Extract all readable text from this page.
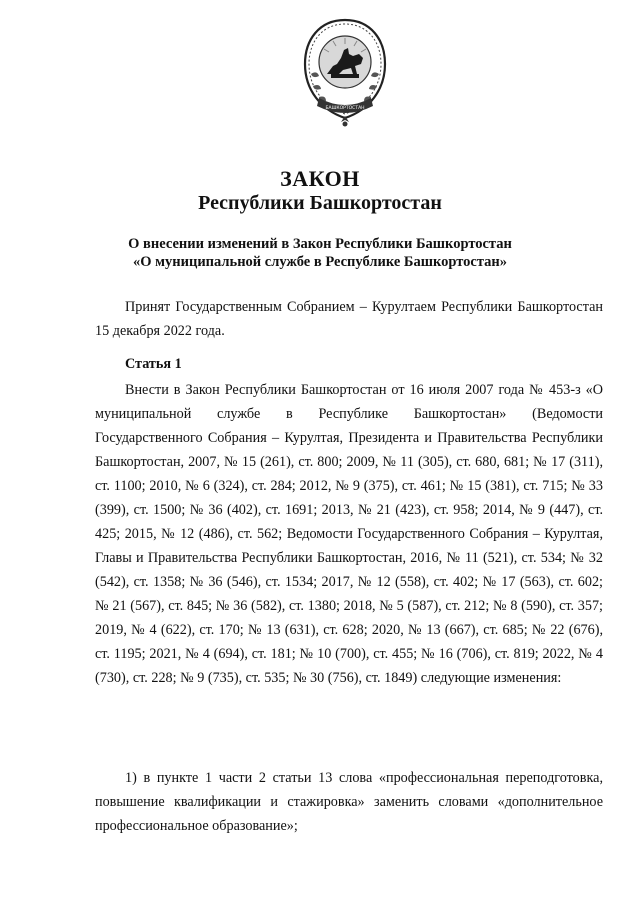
БАШКОРТОСТАН
ЗАКОН
Республики Башкортостан

О внесении изменений в Закон Республики Башкортостан

«О муниципальной службе в Республике Башкортостан»

Принят Государственным Собранием – Курултаем Республики Башкортостан 15 декабря 2022 года.

Статья 1

Внести в Закон Республики Башкортостан от 16 июля 2007 года № 453-з «О муниципальной службе в Республике Башкортостан» (Ведомости Государственного Собрания – Курултая, Президента и Правительства Республики Башкортостан, 2007, № 15 (261), ст. 800; 2009, № 11 (305), ст. 680, 681; № 17 (311), ст. 1100; 2010, № 6 (324), ст. 284; 2012, № 9 (375), ст. 461; № 15 (381), ст. 715; № 33 (399), ст. 1500; № 36 (402), ст. 1691; 2013, № 21 (423), ст. 958; 2014, № 9 (447), ст. 425; 2015, № 12 (486), ст. 562; Ведомости Государственного Собрания – Курултая, Главы и Правительства Республики Башкортостан, 2016, № 11 (521), ст. 534; № 32 (542), ст. 1358; № 36 (546), ст. 1534; 2017, № 12 (558), ст. 402; № 17 (563), ст. 602; № 21 (567), ст. 845; № 36 (582), ст. 1380; 2018, № 5 (587), ст. 212; № 8 (590), ст. 357; 2019, № 4 (622), ст. 170; № 13 (631), ст. 628; 2020, № 13 (667), ст. 685; № 22 (676), ст. 1195; 2021, № 4 (694), ст. 181; № 10 (700), ст. 455; № 16 (706), ст. 819; 2022, № 4 (730), ст. 228; № 9 (735), ст. 535; № 30 (756), ст. 1849) следующие изменения:

1) в пункте 1 части 2 статьи 13 слова «профессиональная переподготовка, повышение квалификации и стажировка» заменить словами «дополнительное профессиональное образование»;
